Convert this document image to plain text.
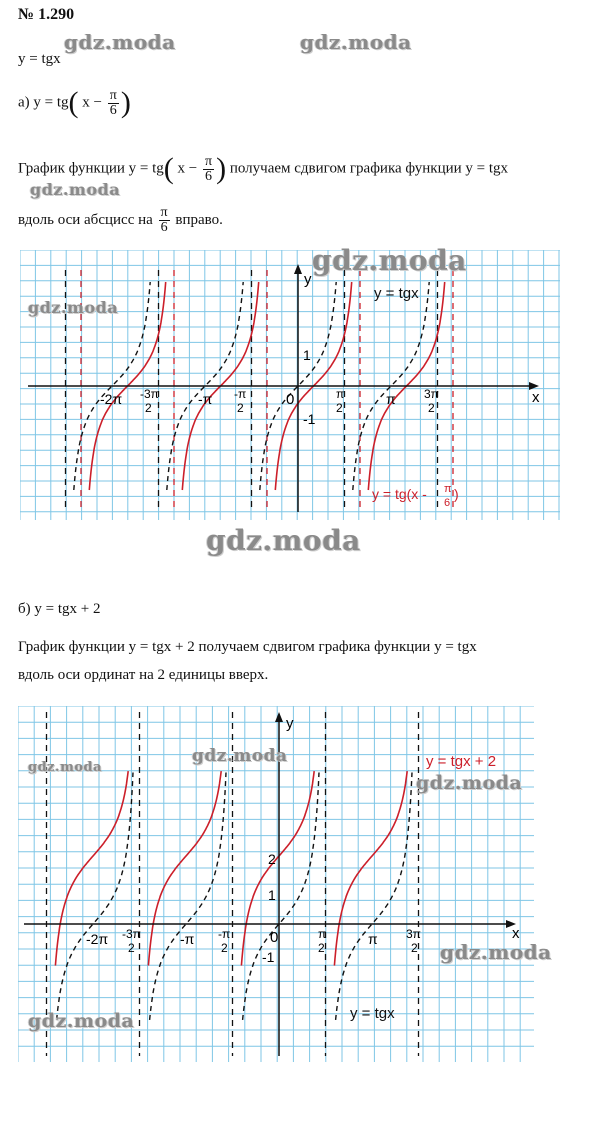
№ 1.290
gdz.moda	gdz.moda
y = tgx
а) y = tg( $x - \frac{\pi}{6}$ )
График функции y = tg( $x - \frac{\pi}{6}$ ) получаем сдвигом графика функции y = tgx
gdz.moda
вдоль оси абсцисс на $\frac{\pi}{6}$ вправо.
x
y
0
1
-1
-2π -3π
2
-π -π
2
π
2
π 3π
2
y = tgx
y = tg(x - π
6
)
gdz.moda
gdz.moda
gdz.moda
б) y = tgx + 2
График функции y = tgx + 2 получаем сдвигом графика функции y = tgx
вдоль оси ординат на 2 единицы вверх.
x
y
0
1
2
-1
-2π -3π
2
-π -π
2
π
2
π 3π
2
y = tgx + 2
y = tgx
gdz.moda
gdz.moda
gdz.moda
gdz.moda
gdz.moda
